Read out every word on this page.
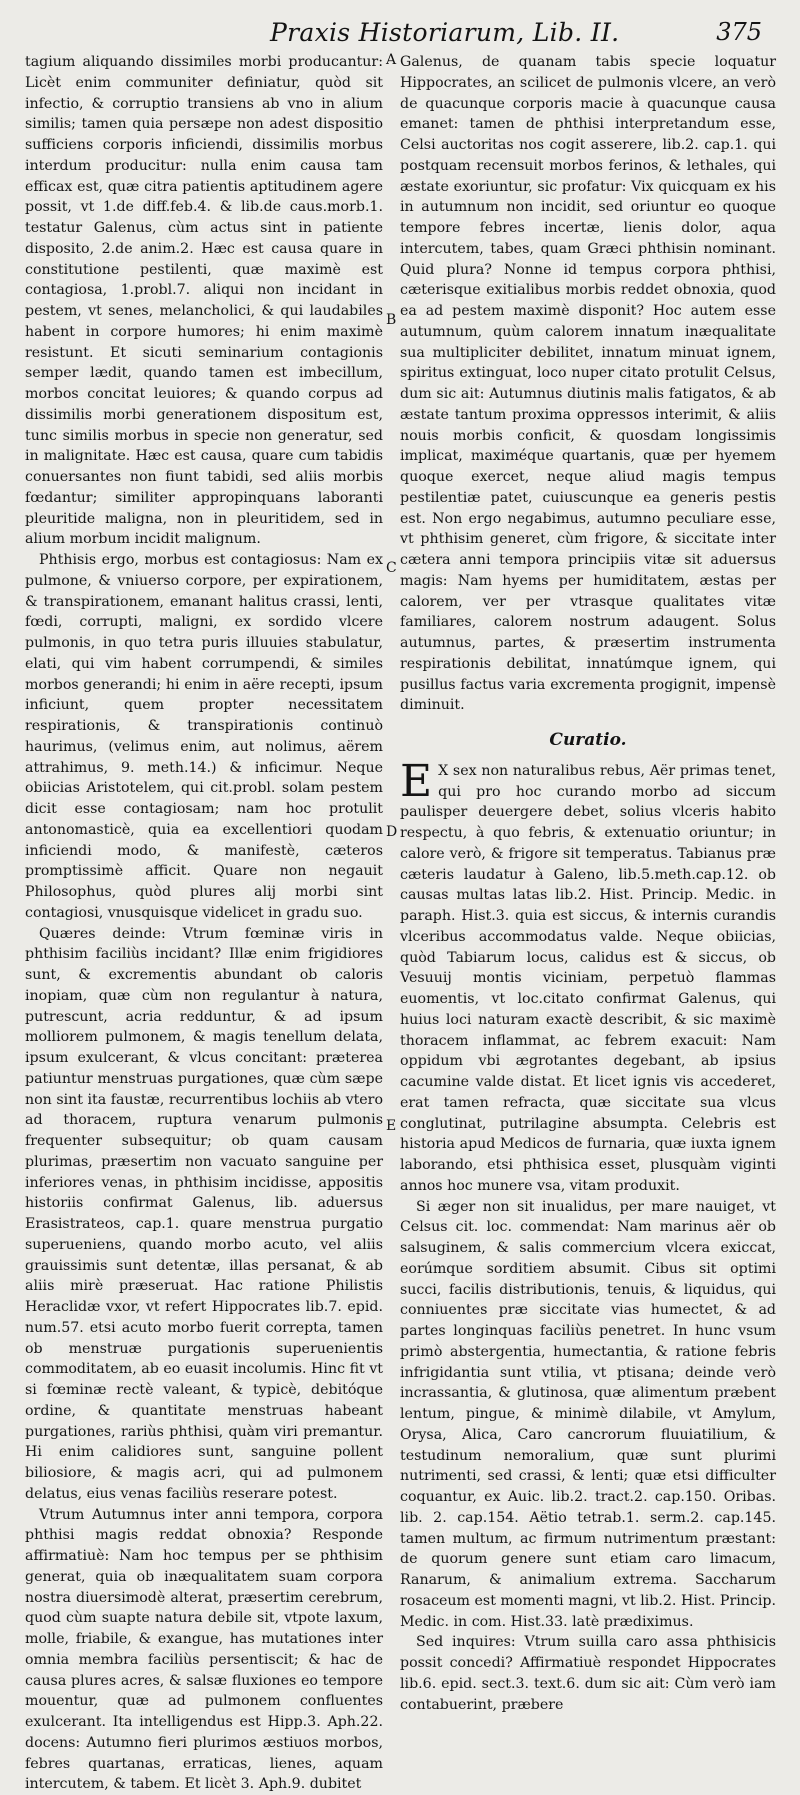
Praxis Historiarum, Lib. II.	375
A
B
C
D
E

tagium aliquando dissimiles morbi producantur: Licèt enim communiter definiatur, quòd sit infectio, & corruptio transiens ab vno in alium similis; tamen quia persæpe non adest dispositio sufficiens corporis inficiendi, dissimilis morbus interdum producitur: nulla enim causa tam efficax est, quæ citra patientis aptitudinem agere possit, vt 1.de diff.feb.4. & lib.de caus.morb.1. testatur Galenus, cùm actus sint in patiente disposito, 2.de anim.2. Hæc est causa quare in constitutione pestilenti, quæ maximè est contagiosa, 1.probl.7. aliqui non incidant in pestem, vt senes, melancholici, & qui laudabiles habent in corpore humores; hi enim maximè resistunt. Et sicuti seminarium contagionis semper lædit, quando tamen est imbecillum, morbos concitat leuiores; & quando corpus ad dissimilis morbi generationem dispositum est, tunc similis morbus in specie non generatur, sed in malignitate. Hæc est causa, quare cum tabidis conuersantes non fiunt tabidi, sed aliis morbis fœdantur; similiter appropinquans laboranti pleuritide maligna, non in pleuritidem, sed in alium morbum incidit malignum.

Phthisis ergo, morbus est contagiosus: Nam ex pulmone, & vniuerso corpore, per expirationem, & transpirationem, emanant halitus crassi, lenti, fœdi, corrupti, maligni, ex sordido vlcere pulmonis, in quo tetra puris illuuies stabulatur, elati, qui vim habent corrumpendi, & similes morbos generandi; hi enim in aëre recepti, ipsum inficiunt, quem propter necessitatem respirationis, & transpirationis continuò haurimus, (velimus enim, aut nolimus, aërem attrahimus, 9. meth.14.) & inficimur. Neque obiicias Aristotelem, qui cit.probl. solam pestem dicit esse contagiosam; nam hoc protulit antonomasticè, quia ea excellentiori quodam inficiendi modo, & manifestè, cæteros promptissimè afficit. Quare non negauit Philosophus, quòd plures alij morbi sint contagiosi, vnusquisque videlicet in gradu suo.

Quæres deinde: Vtrum fœminæ viris in phthisim faciliùs incidant? Illæ enim frigidiores sunt, & excrementis abundant ob caloris inopiam, quæ cùm non regulantur à natura, putrescunt, acria redduntur, & ad ipsum molliorem pulmonem, & magis tenellum delata, ipsum exulcerant, & vlcus concitant: præterea patiuntur menstruas purgationes, quæ cùm sæpe non sint ita faustæ, recurrentibus lochiis ab vtero ad thoracem, ruptura venarum pulmonis frequenter subsequitur; ob quam causam plurimas, præsertim non vacuato sanguine per inferiores venas, in phthisim incidisse, appositis historiis confirmat Galenus, lib. aduersus Erasistrateos, cap.1. quare menstrua purgatio superueniens, quando morbo acuto, vel aliis grauissimis sunt detentæ, illas persanat, & ab aliis mirè præseruat. Hac ratione Philistis Heraclidæ vxor, vt refert Hippocrates lib.7. epid. num.57. etsi acuto morbo fuerit correpta, tamen ob menstruæ purgationis superuenientis commoditatem, ab eo euasit incolumis. Hinc fit vt si fœminæ rectè valeant, & typicè, debitóque ordine, & quantitate menstruas habeant purgationes, rariùs phthisi, quàm viri premantur. Hi enim calidiores sunt, sanguine pollent biliosiore, & magis acri, qui ad pulmonem delatus, eius venas faciliùs reserare potest.

Vtrum Autumnus inter anni tempora, corpora phthisi magis reddat obnoxia? Responde affirmatiuè: Nam hoc tempus per se phthisim generat, quia ob inæqualitatem suam corpora nostra diuersimodè alterat, præsertim cerebrum, quod cùm suapte natura debile sit, vtpote laxum, molle, friabile, & exangue, has mutationes inter omnia membra faciliùs persentiscit; & hac de causa plures acres, & salsæ fluxiones eo tempore mouentur, quæ ad pulmonem confluentes exulcerant. Ita intelligendus est Hipp.3. Aph.22. docens: Autumno fieri plurimos æstiuos morbos, febres quartanas, erraticas, lienes, aquam intercutem, & tabem. Et licèt 3. Aph.9. dubitet

Galenus, de quanam tabis specie loquatur Hippocrates, an scilicet de pulmonis vlcere, an verò de quacunque corporis macie à quacunque causa emanet: tamen de phthisi interpretandum esse, Celsi auctoritas nos cogit asserere, lib.2. cap.1. qui postquam recensuit morbos ferinos, & lethales, qui æstate exoriuntur, sic profatur: Vix quicquam ex his in autumnum non incidit, sed oriuntur eo quoque tempore febres incertæ, lienis dolor, aqua intercutem, tabes, quam Græci phthisin nominant. Quid plura? Nonne id tempus corpora phthisi, cæterisque exitialibus morbis reddet obnoxia, quod ea ad pestem maximè disponit? Hoc autem esse autumnum, quùm calorem innatum inæqualitate sua multipliciter debilitet, innatum minuat ignem, spiritus extinguat, loco nuper citato protulit Celsus, dum sic ait: Autumnus diutinis malis fatigatos, & ab æstate tantum proxima oppressos interimit, & aliis nouis morbis conficit, & quosdam longissimis implicat, maximéque quartanis, quæ per hyemem quoque exercet, neque aliud magis tempus pestilentiæ patet, cuiuscunque ea generis pestis est. Non ergo negabimus, autumno peculiare esse, vt phthisim generet, cùm frigore, & siccitate inter cætera anni tempora principiis vitæ sit aduersus magis: Nam hyems per humiditatem, æstas per calorem, ver per vtrasque qualitates vitæ familiares, calorem nostrum adaugent. Solus autumnus, partes, & præsertim instrumenta respirationis debilitat, innatúmque ignem, qui pusillus factus varia excrementa progignit, impensè diminuit.

Curatio.

E X sex non naturalibus rebus, Aër primas tenet, qui pro hoc curando morbo ad siccum paulisper deuergere debet, solius vlceris habito respectu, à quo febris, & extenuatio oriuntur; in calore verò, & frigore sit temperatus. Tabianus præ cæteris laudatur à Galeno, lib.5.meth.cap.12. ob causas multas latas lib.2. Hist. Princip. Medic. in paraph. Hist.3. quia est siccus, & internis curandis vlceribus accommodatus valde. Neque obiicias, quòd Tabiarum locus, calidus est & siccus, ob Vesuuij montis viciniam, perpetuò flammas euomentis, vt loc.citato confirmat Galenus, qui huius loci naturam exactè describit, & sic maximè thoracem inflammat, ac febrem exacuit: Nam oppidum vbi ægrotantes degebant, ab ipsius cacumine valde distat. Et licet ignis vis accederet, erat tamen refracta, quæ siccitate sua vlcus conglutinat, putrilagine absumpta. Celebris est historia apud Medicos de furnaria, quæ iuxta ignem laborando, etsi phthisica esset, plusquàm viginti annos hoc munere vsa, vitam produxit.

Si æger non sit inualidus, per mare nauiget, vt Celsus cit. loc. commendat: Nam marinus aër ob salsuginem, & salis commercium vlcera exiccat, eorúmque sorditiem absumit. Cibus sit optimi succi, facilis distributionis, tenuis, & liquidus, qui conniuentes præ siccitate vias humectet, & ad partes longinquas faciliùs penetret. In hunc vsum primò abstergentia, humectantia, & ratione febris infrigidantia sunt vtilia, vt ptisana; deinde verò incrassantia, & glutinosa, quæ alimentum præbent lentum, pingue, & minimè dilabile, vt Amylum, Orysa, Alica, Caro cancrorum fluuiatilium, & testudinum nemoralium, quæ sunt plurimi nutrimenti, sed crassi, & lenti; quæ etsi difficulter coquantur, ex Auic. lib.2. tract.2. cap.150. Oribas. lib. 2. cap.154. Aëtio tetrab.1. serm.2. cap.145. tamen multum, ac firmum nutrimentum præstant: de quorum genere sunt etiam caro limacum, Ranarum, & animalium extrema. Saccharum rosaceum est momenti magni, vt lib.2. Hist. Princip. Medic. in com. Hist.33. latè prædiximus.

Sed inquires: Vtrum suilla caro assa phthisicis possit concedi? Affirmatiuè respondet Hippocrates lib.6. epid. sect.3. text.6. dum sic ait: Cùm verò iam contabuerint, præbere
